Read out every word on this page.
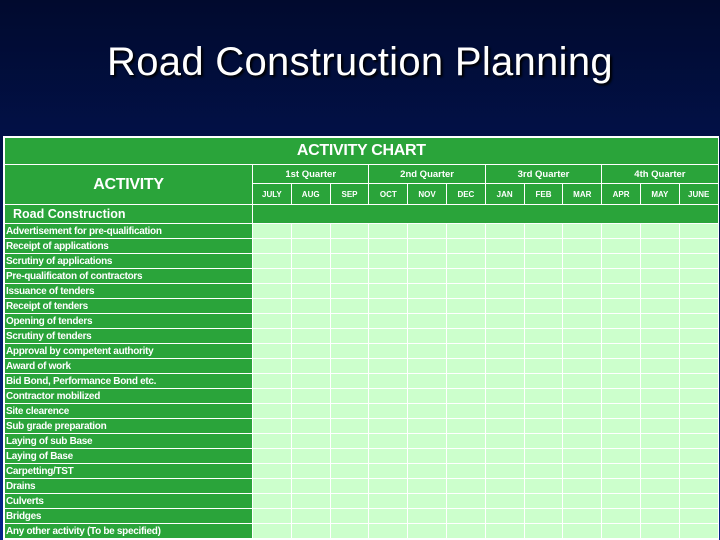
Road Construction Planning
ACTIVITY CHART												
ACTIVITY	1st Quarter			2nd Quarter			3rd Quarter			4th Quarter		
	JULY	AUG	SEP	OCT	NOV	DEC	JAN	FEB	MAR	APR	MAY	JUNE
Road Construction												
Advertisement for pre-qualification												
Receipt of applications												
Scrutiny of applications												
Pre-qualificaton of contractors												
Issuance of tenders												
Receipt of tenders												
Opening of tenders												
Scrutiny of tenders												
Approval by competent authority												
Award of work												
Bid Bond, Performance Bond etc.												
Contractor mobilized												
Site clearence												
Sub grade preparation												
Laying of sub Base												
Laying of Base												
Carpetting/TST												
Drains												
Culverts												
Bridges												
Any other activity (To be specified)												
